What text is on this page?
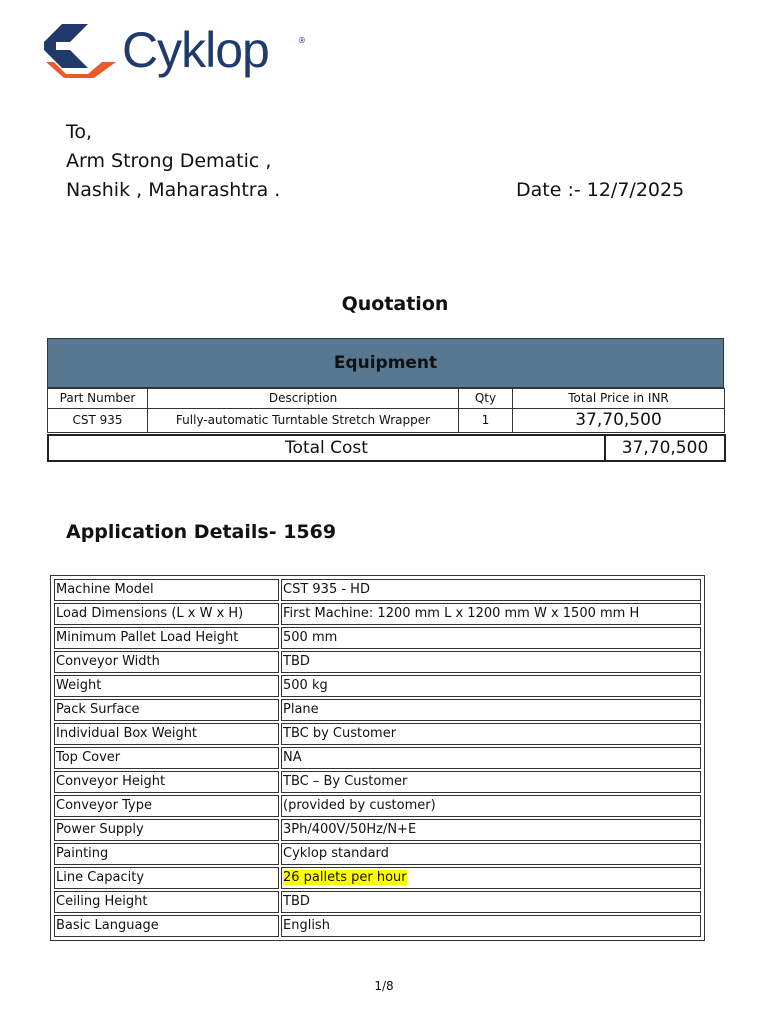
Cyklop	®
To,
Arm Strong Dematic ,
Nashik , Maharashtra .	Date :- 12/7/2025
Quotation
Equipment
Part Number	Description	Qty	Total Price in INR
CST 935	Fully-automatic Turntable Stretch Wrapper	1	37,70,500
Total Cost	37,70,500
Application Details- 1569
Machine Model	CST 935 - HD
Load Dimensions (L x W x H)	First Machine: 1200 mm L x 1200 mm W x 1500 mm H
Minimum Pallet Load Height	500 mm
Conveyor Width	TBD
Weight	500 kg
Pack Surface	Plane
Individual Box Weight	TBC by Customer
Top Cover	NA
Conveyor Height	TBC – By Customer
Conveyor Type	(provided by customer)
Power Supply	3Ph/400V/50Hz/N+E
Painting	Cyklop standard
Line Capacity	26 pallets per hour
Ceiling Height	TBD
Basic Language	English
1/8
